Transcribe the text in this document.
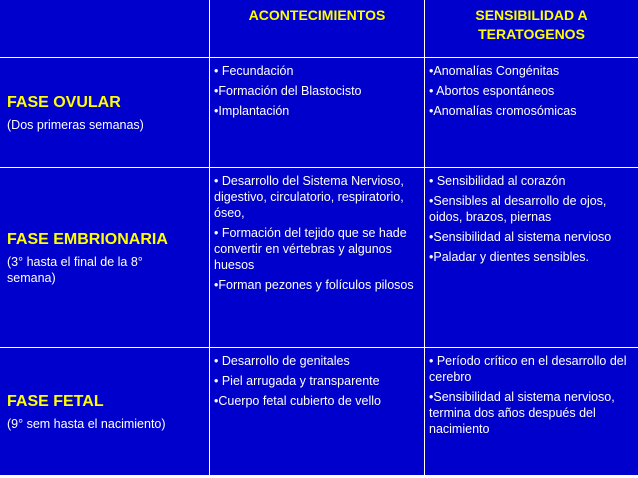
ACONTECIMIENTOS	SENSIBILIDAD A TERATOGENOS
FASE OVULAR
(Dos primeras semanas)
• Fecundación
•Formación del Blastocisto
•Implantación
•Anomalías Congénitas
• Abortos espontáneos
•Anomalías cromosómicas
FASE EMBRIONARIA
(3° hasta el final de la 8° semana)
• Desarrollo del Sistema Nervioso, digestivo, circulatorio, respiratorio, óseo,
• Formación del tejido que se hade convertir en vértebras y algunos huesos
•Forman pezones y folículos pilosos
• Sensibilidad al corazón
•Sensibles al desarrollo de ojos, oidos, brazos, piernas
•Sensibilidad al sistema nervioso
•Paladar y dientes sensibles.
FASE FETAL
(9° sem hasta el nacimiento)
• Desarrollo de genitales
• Piel arrugada y transparente
•Cuerpo fetal cubierto de vello
• Período crítico en el desarrollo del cerebro
•Sensibilidad al sistema nervioso, termina dos años después del nacimiento
